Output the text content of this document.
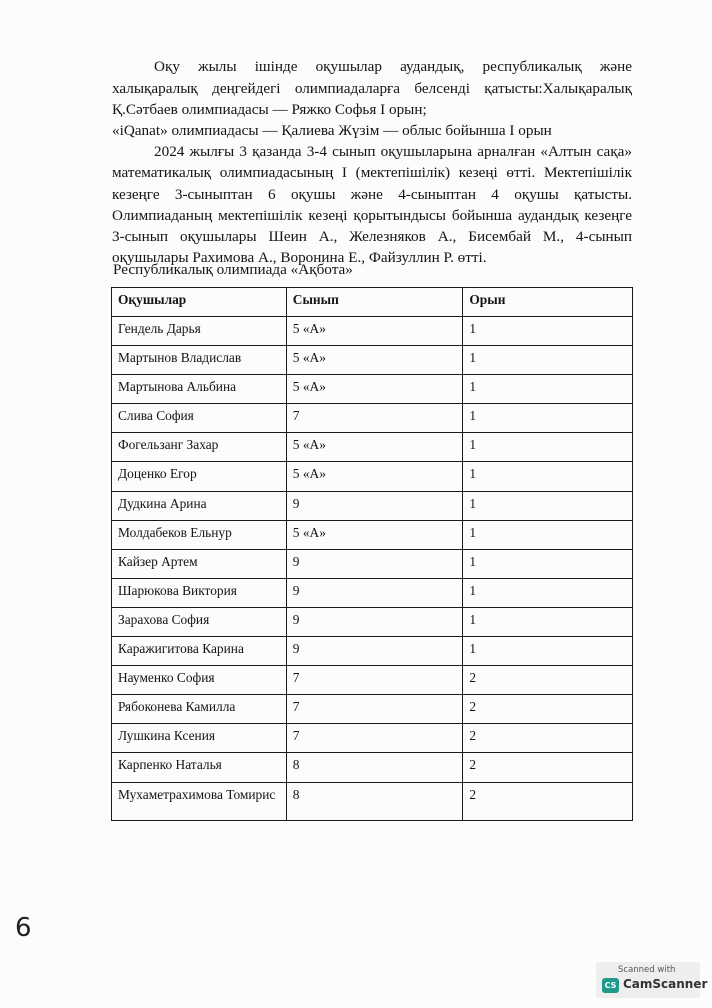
Оқу жылы ішінде оқушылар аудандық, республикалық және
халықаралық деңгейдегі олимпиадаларға белсенді қатысты:Халықаралық
Қ.Сәтбаев олимпиадасы — Ряжко Софья І орын;
«iQanat» олимпиадасы — Қалиева Жүзім — облыс бойынша І орын
2024 жылғы 3 қазанда 3-4 сынып оқушыларына арналған «Алтын сақа»
математикалық олимпиадасының І (мектепішілік) кезеңі өтті. Мектепішілік
кезеңге 3-сыныптан 6 оқушы және 4-сыныптан 4 оқушы қатысты.
Олимпиаданың мектепішілік кезеңі қорытындысы бойынша аудандық кезеңге
3-сынып оқушылары Шеин А., Железняков А., Бисембай М., 4-сынып
оқушылары Рахимова А., Воронина Е., Файзуллин Р. өтті.
Республикалық олимпиада «Ақбота»
Оқушылар	Сынып	Орын
Гендель Дарья	5 «А»	1
Мартынов Владислав	5 «А»	1
Мартынова Альбина	5 «А»	1
Слива София	7	1
Фогельзанг Захар	5 «А»	1
Доценко Егор	5 «А»	1
Дудкина Арина	9	1
Молдабеков Ельнур	5 «А»	1
Кайзер Артем	9	1
Шарюкова Виктория	9	1
Зарахова София	9	1
Каражигитова Карина	9	1
Науменко София	7	2
Рябоконева Камилла	7	2
Лушкина Ксения	7	2
Карпенко Наталья	8	2
Мухаметрахимова Томирис	8	2
6
Scanned with
CS CamScanner
